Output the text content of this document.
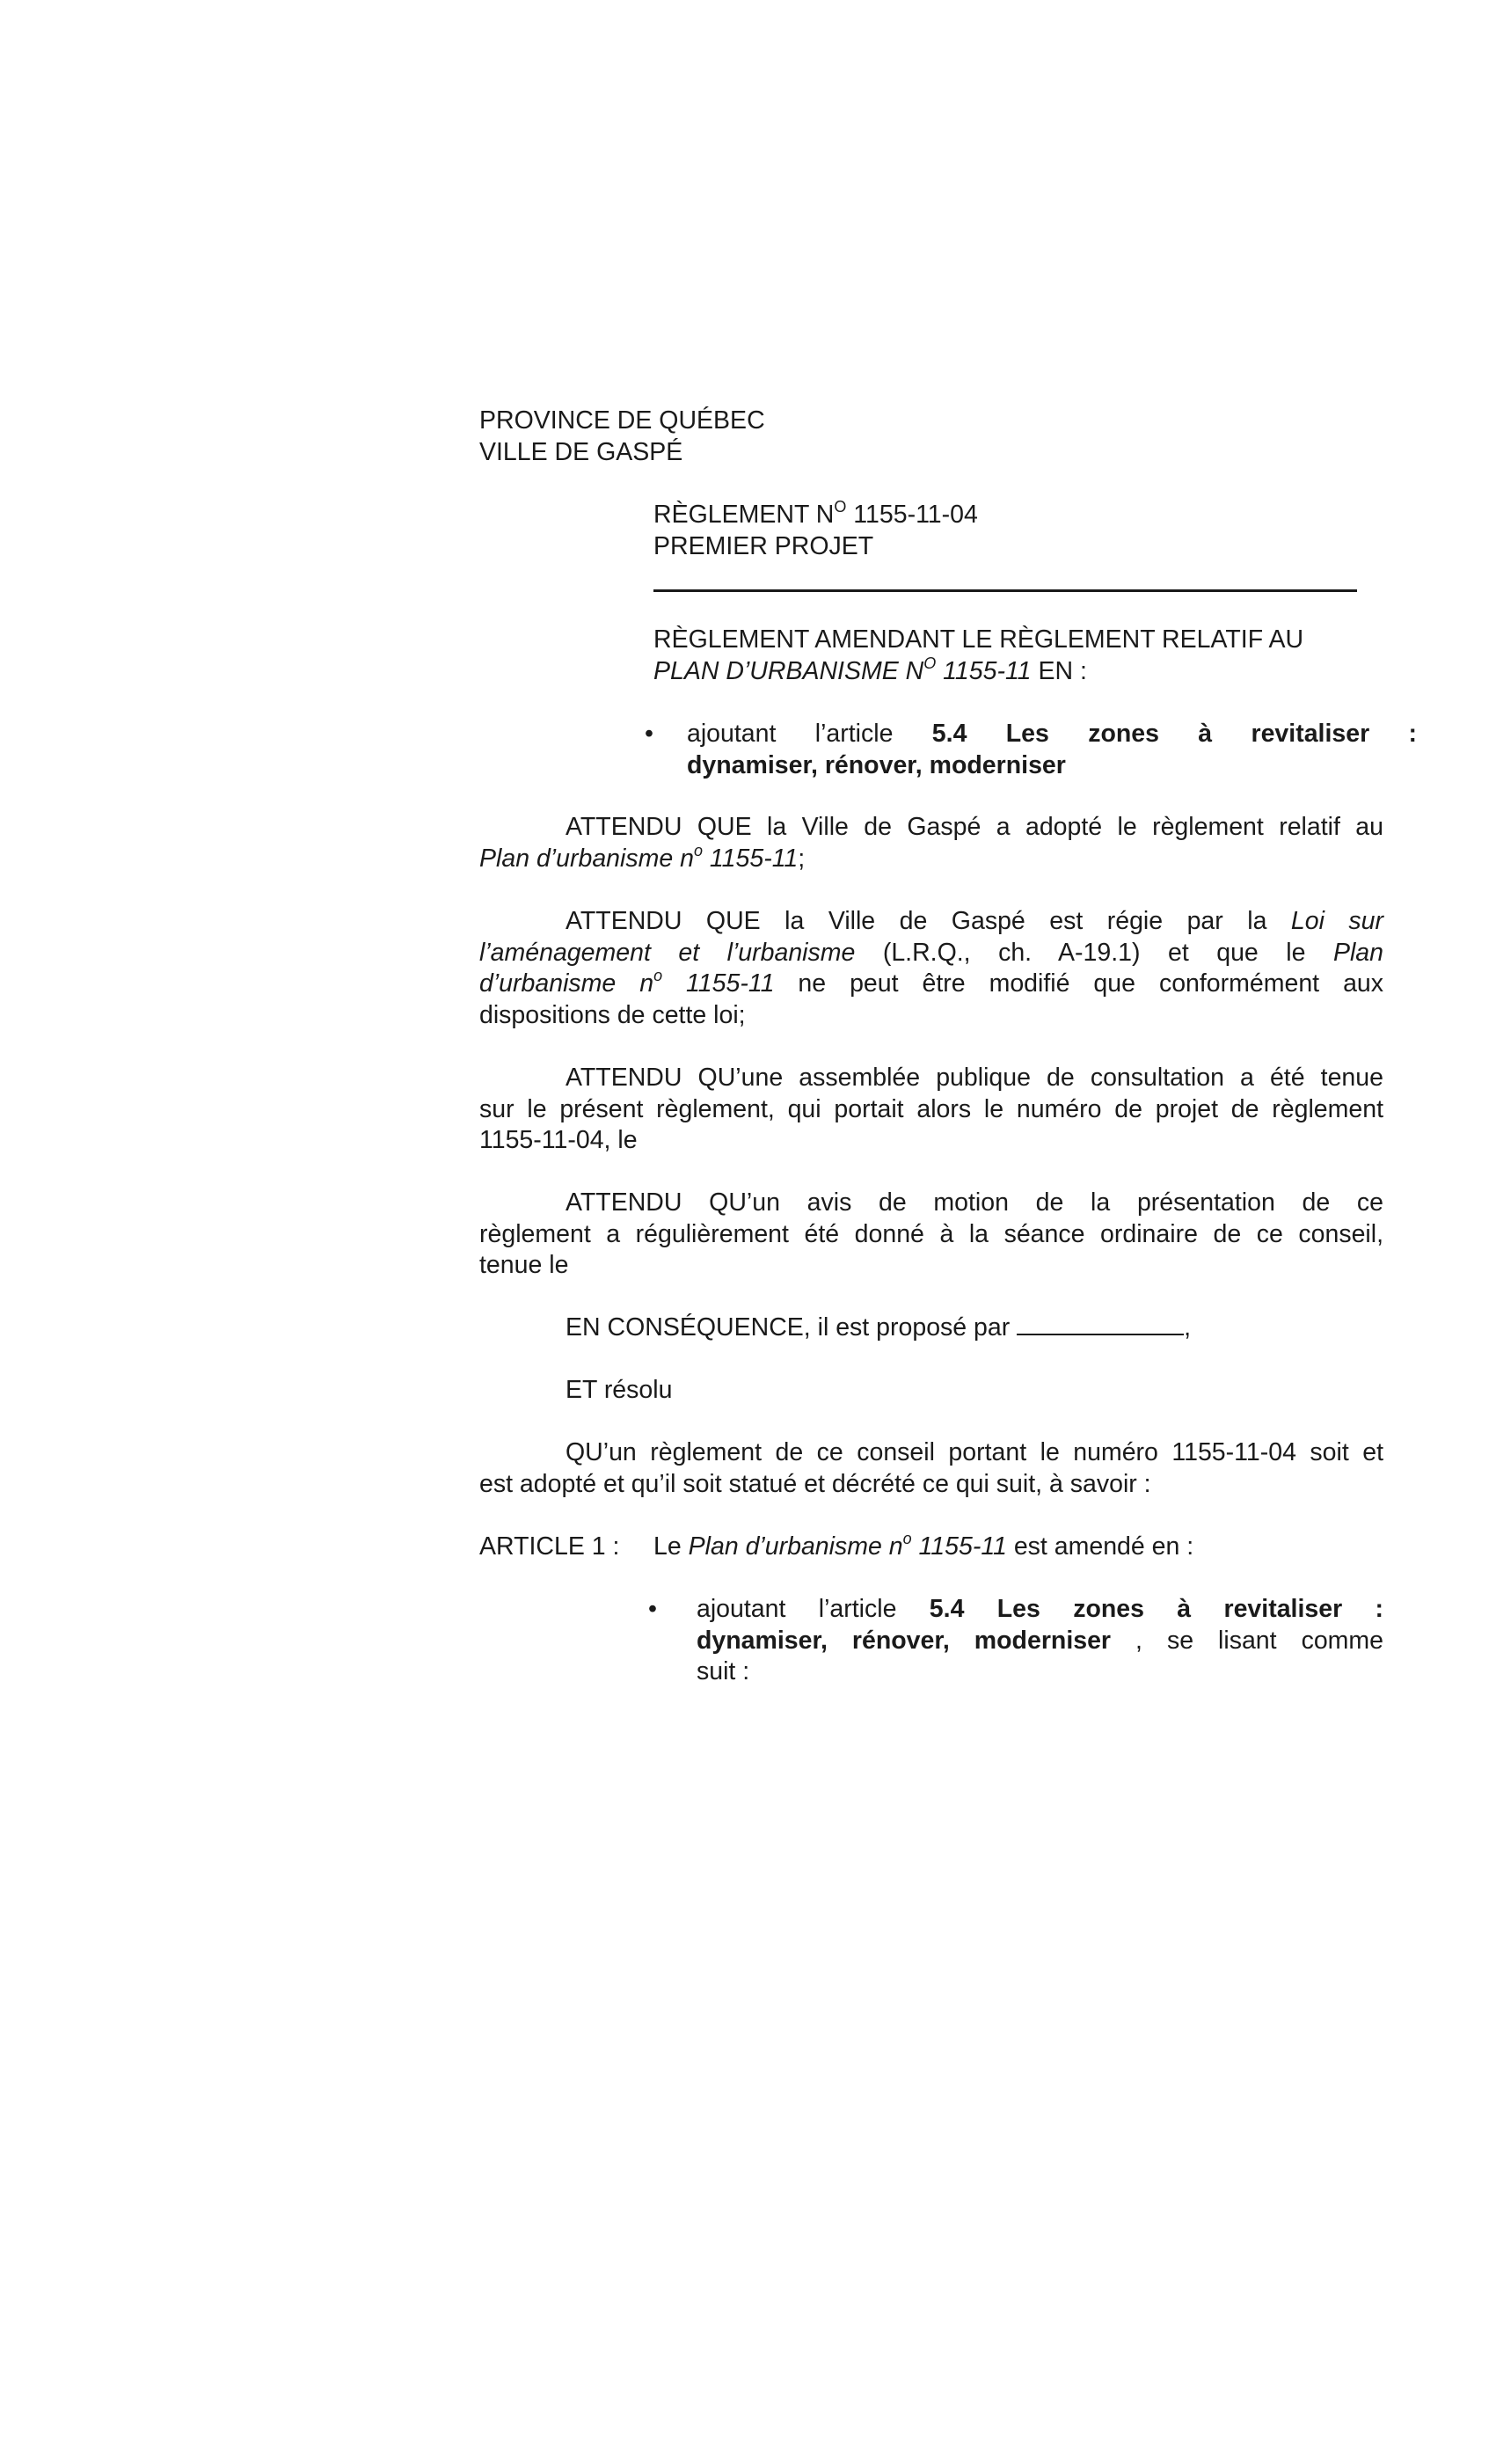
PROVINCE DE QUÉBEC
VILLE DE GASPÉ
RÈGLEMENT $N^O$ 1155-11-04
PREMIER PROJET
RÈGLEMENT AMENDANT LE RÈGLEMENT RELATIF AU
PLAN D’URBANISME $N^O$ 1155-11 EN :
• ajoutant l’article 5.4 Les zones à revitaliser :
dynamiser, rénover, moderniser
ATTENDU QUE la Ville de Gaspé a adopté le règlement relatif au
Plan d’urbanisme $n^o$ 1155-11;
ATTENDU QUE la Ville de Gaspé est régie par la Loi sur
l’aménagement et l’urbanisme (L.R.Q., ch. A-19.1) et que le Plan
d’urbanisme $n^o$ 1155-11 ne peut être modifié que conformément aux
dispositions de cette loi;
ATTENDU QU’une assemblée publique de consultation a été tenue
sur le présent règlement, qui portait alors le numéro de projet de règlement
1155-11-04, le
ATTENDU QU’un avis de motion de la présentation de ce
règlement a régulièrement été donné à la séance ordinaire de ce conseil,
tenue le
EN CONSÉQUENCE, il est proposé par	,
ET résolu
QU’un règlement de ce conseil portant le numéro 1155-11-04 soit et
est adopté et qu’il soit statué et décrété ce qui suit, à savoir :
ARTICLE 1 : Le Plan d’urbanisme $n^o$ 1155-11 est amendé en :
• ajoutant l’article 5.4 Les zones à revitaliser :
dynamiser, rénover, moderniser , se lisant comme
suit :
